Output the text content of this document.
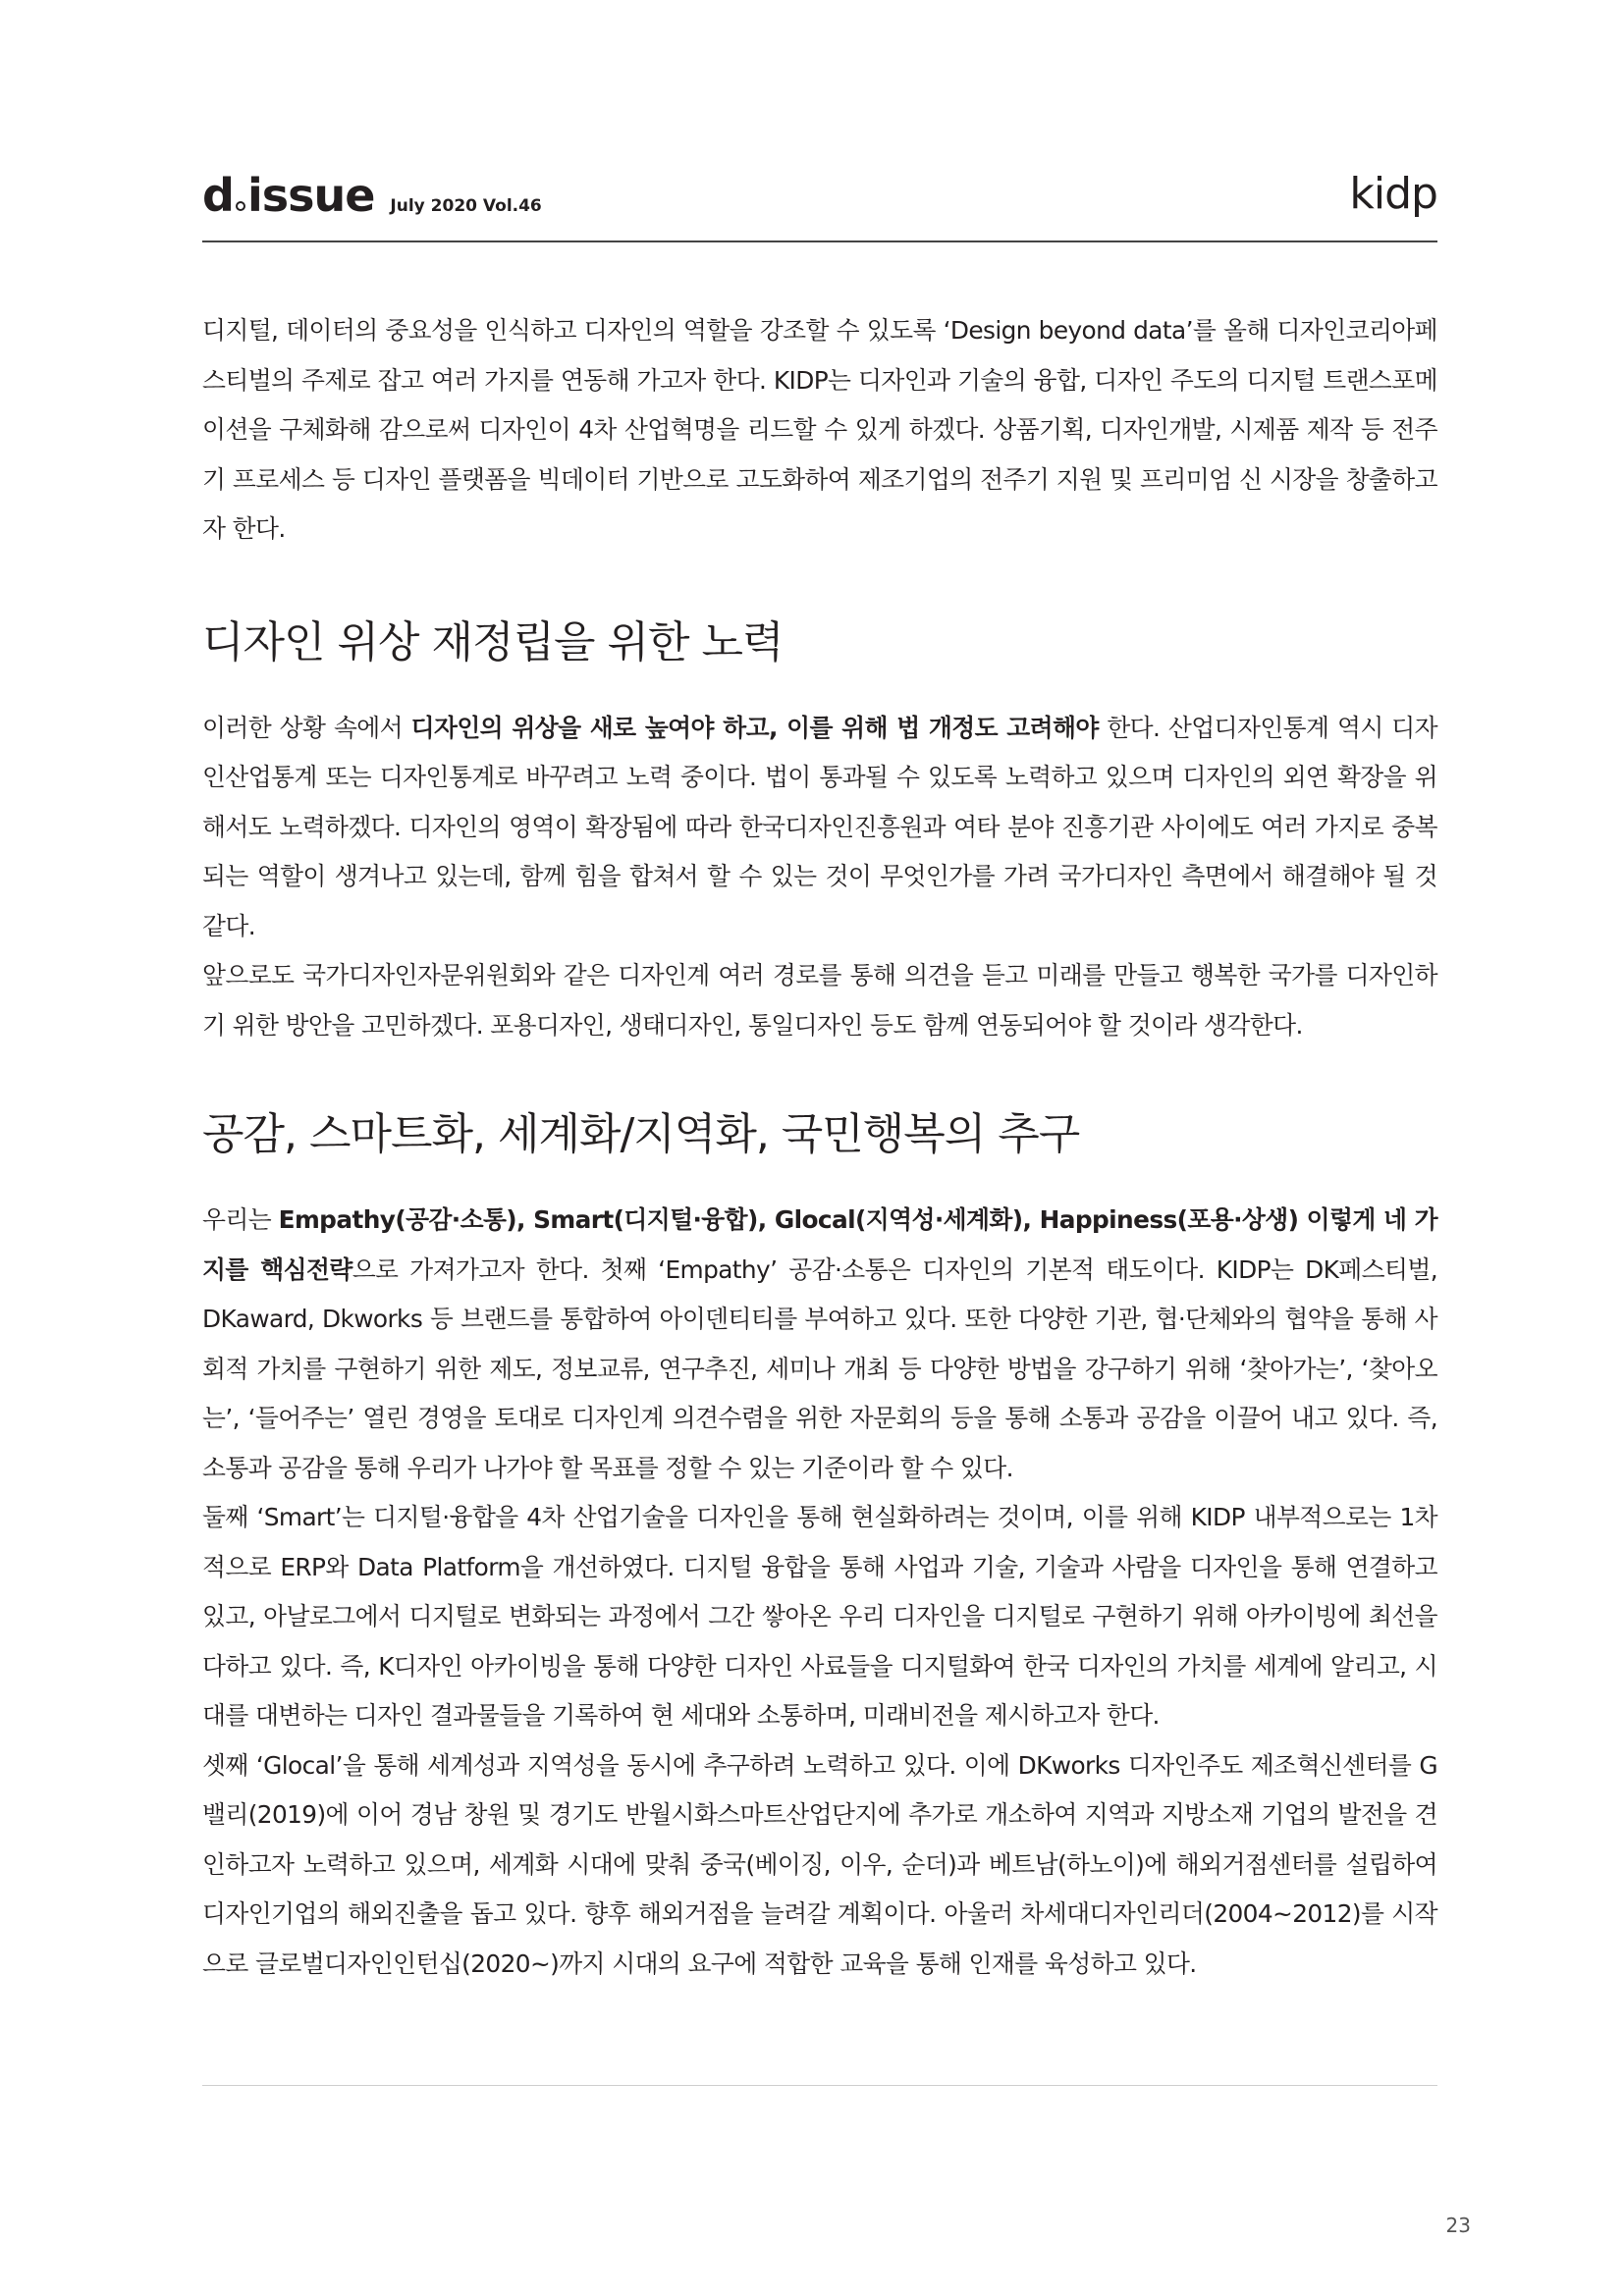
d issue July 2020 Vol.46	kidp

디지털, 데이터의 중요성을 인식하고 디자인의 역할을 강조할 수 있도록 ‘Design beyond data’를 올해 디자인코리아페스티벌의 주제로 잡고 여러 가지를 연동해 가고자 한다. KIDP는 디자인과 기술의 융합, 디자인 주도의 디지털 트랜스포메이션을 구체화해 감으로써 디자인이 4차 산업혁명을 리드할 수 있게 하겠다. 상품기획, 디자인개발, 시제품 제작 등 전주기 프로세스 등 디자인 플랫폼을 빅데이터 기반으로 고도화하여 제조기업의 전주기 지원 및 프리미엄 신 시장을 창출하고자 한다.

디자인 위상 재정립을 위한 노력

이러한 상황 속에서 디자인의 위상을 새로 높여야 하고, 이를 위해 법 개정도 고려해야 한다. 산업디자인통계 역시 디자인산업통계 또는 디자인통계로 바꾸려고 노력 중이다. 법이 통과될 수 있도록 노력하고 있으며 디자인의 외연 확장을 위해서도 노력하겠다. 디자인의 영역이 확장됨에 따라 한국디자인진흥원과 여타 분야 진흥기관 사이에도 여러 가지로 중복되는 역할이 생겨나고 있는데, 함께 힘을 합쳐서 할 수 있는 것이 무엇인가를 가려 국가디자인 측면에서 해결해야 될 것 같다.

앞으로도 국가디자인자문위원회와 같은 디자인계 여러 경로를 통해 의견을 듣고 미래를 만들고 행복한 국가를 디자인하기 위한 방안을 고민하겠다. 포용디자인, 생태디자인, 통일디자인 등도 함께 연동되어야 할 것이라 생각한다.

공감, 스마트화, 세계화/지역화, 국민행복의 추구

우리는 Empathy(공감·소통), Smart(디지털·융합), Glocal(지역성·세계화), Happiness(포용·상생) 이렇게 네 가지를 핵심전략으로 가져가고자 한다. 첫째 ‘Empathy’ 공감·소통은 디자인의 기본적 태도이다. KIDP는 DK페스티벌, DKaward, Dkworks 등 브랜드를 통합하여 아이덴티티를 부여하고 있다. 또한 다양한 기관, 협·단체와의 협약을 통해 사회적 가치를 구현하기 위한 제도, 정보교류, 연구추진, 세미나 개최 등 다양한 방법을 강구하기 위해 ‘찾아가는’, ‘찾아오는’, ‘들어주는’ 열린 경영을 토대로 디자인계 의견수렴을 위한 자문회의 등을 통해 소통과 공감을 이끌어 내고 있다. 즉, 소통과 공감을 통해 우리가 나가야 할 목표를 정할 수 있는 기준이라 할 수 있다.

둘째 ‘Smart’는 디지털·융합을 4차 산업기술을 디자인을 통해 현실화하려는 것이며, 이를 위해 KIDP 내부적으로는 1차적으로 ERP와 Data Platform을 개선하였다. 디지털 융합을 통해 사업과 기술, 기술과 사람을 디자인을 통해 연결하고 있고, 아날로그에서 디지털로 변화되는 과정에서 그간 쌓아온 우리 디자인을 디지털로 구현하기 위해 아카이빙에 최선을 다하고 있다. 즉, K디자인 아카이빙을 통해 다양한 디자인 사료들을 디지털화여 한국 디자인의 가치를 세계에 알리고, 시대를 대변하는 디자인 결과물들을 기록하여 현 세대와 소통하며, 미래비전을 제시하고자 한다.

셋째 ‘Glocal’을 통해 세계성과 지역성을 동시에 추구하려 노력하고 있다. 이에 DKworks 디자인주도 제조혁신센터를 G밸리(2019)에 이어 경남 창원 및 경기도 반월시화스마트산업단지에 추가로 개소하여 지역과 지방소재 기업의 발전을 견인하고자 노력하고 있으며, 세계화 시대에 맞춰 중국(베이징, 이우, 순더)과 베트남(하노이)에 해외거점센터를 설립하여 디자인기업의 해외진출을 돕고 있다. 향후 해외거점을 늘려갈 계획이다. 아울러 차세대디자인리더(2004~2012)를 시작으로 글로벌디자인인턴십(2020~)까지 시대의 요구에 적합한 교육을 통해 인재를 육성하고 있다.

23
